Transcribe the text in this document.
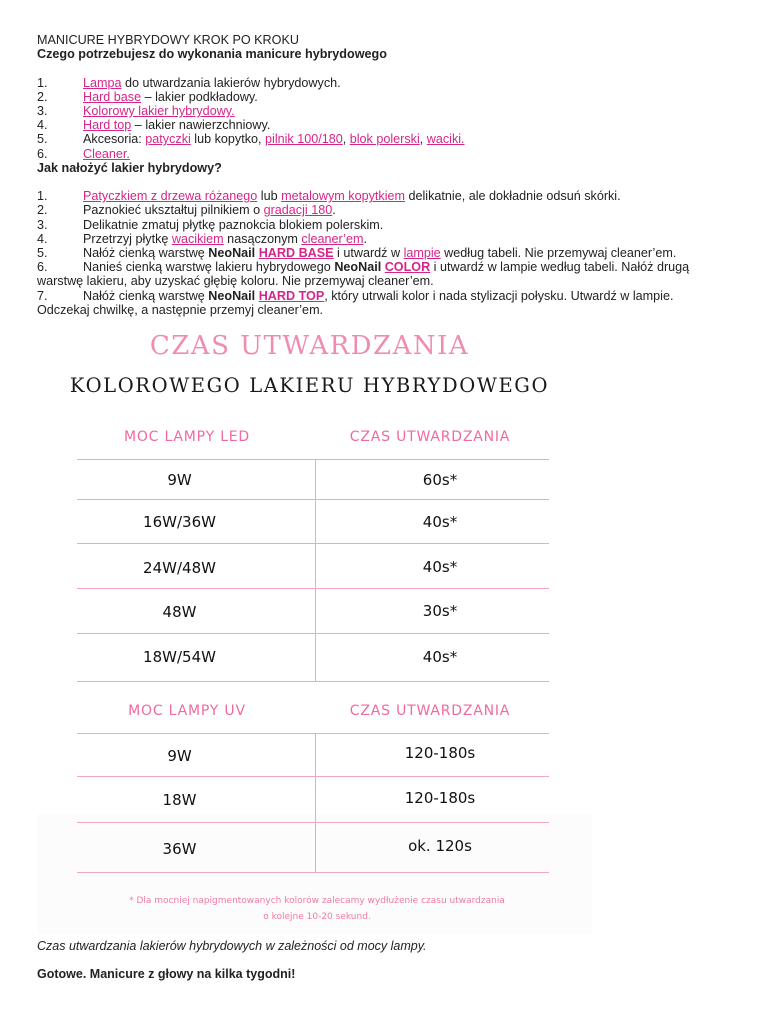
MANICURE HYBRYDOWY KROK PO KROKU
Czego potrzebujesz do wykonania manicure hybrydowego
1.	Lampa do utwardzania lakierów hybrydowych.
2.	Hard base – lakier podkładowy.
3.	Kolorowy lakier hybrydowy.
4.	Hard top – lakier nawierzchniowy.
5.	Akcesoria: patyczki lub kopytko, pilnik 100/180, blok polerski, waciki.
6.	Cleaner.
Jak nałożyć lakier hybrydowy?
1.	Patyczkiem z drzewa różanego lub metalowym kopytkiem delikatnie, ale dokładnie odsuń skórki.
2.	Paznokieć ukształtuj pilnikiem o gradacji 180.
3.	Delikatnie zmatuj płytkę paznokcia blokiem polerskim.
4.	Przetrzyj płytkę wacikiem nasączonym cleaner’em.
5.	Nałóż cienką warstwę NeoNail HARD BASE i utwardź w lampie według tabeli. Nie przemywaj cleaner’em.
6.	Nanieś cienką warstwę lakieru hybrydowego NeoNail COLOR i utwardź w lampie według tabeli. Nałóż drugą warstwę lakieru, aby uzyskać głębię koloru. Nie przemywaj cleaner’em.
7.	Nałóż cienką warstwę NeoNail HARD TOP, który utrwali kolor i nada stylizacji połysku. Utwardź w lampie. Odczekaj chwilkę, a następnie przemyj cleaner’em.
CZAS UTWARDZANIA
KOLOROWEGO LAKIERU HYBRYDOWEGO
MOC LAMPY LED	CZAS UTWARDZANIA
9W	60s*
16W/36W	40s*
24W/48W	40s*
48W	30s*
18W/54W	40s*
MOC LAMPY UV	CZAS UTWARDZANIA
9W	120-180s
18W	120-180s
36W	ok. 120s
* Dla mocniej napigmentowanych kolorów zalecamy wydłużenie czasu utwardzania
o kolejne 10-20 sekund.
Czas utwardzania lakierów hybrydowych w zależności od mocy lampy.
Gotowe. Manicure z głowy na kilka tygodni!
